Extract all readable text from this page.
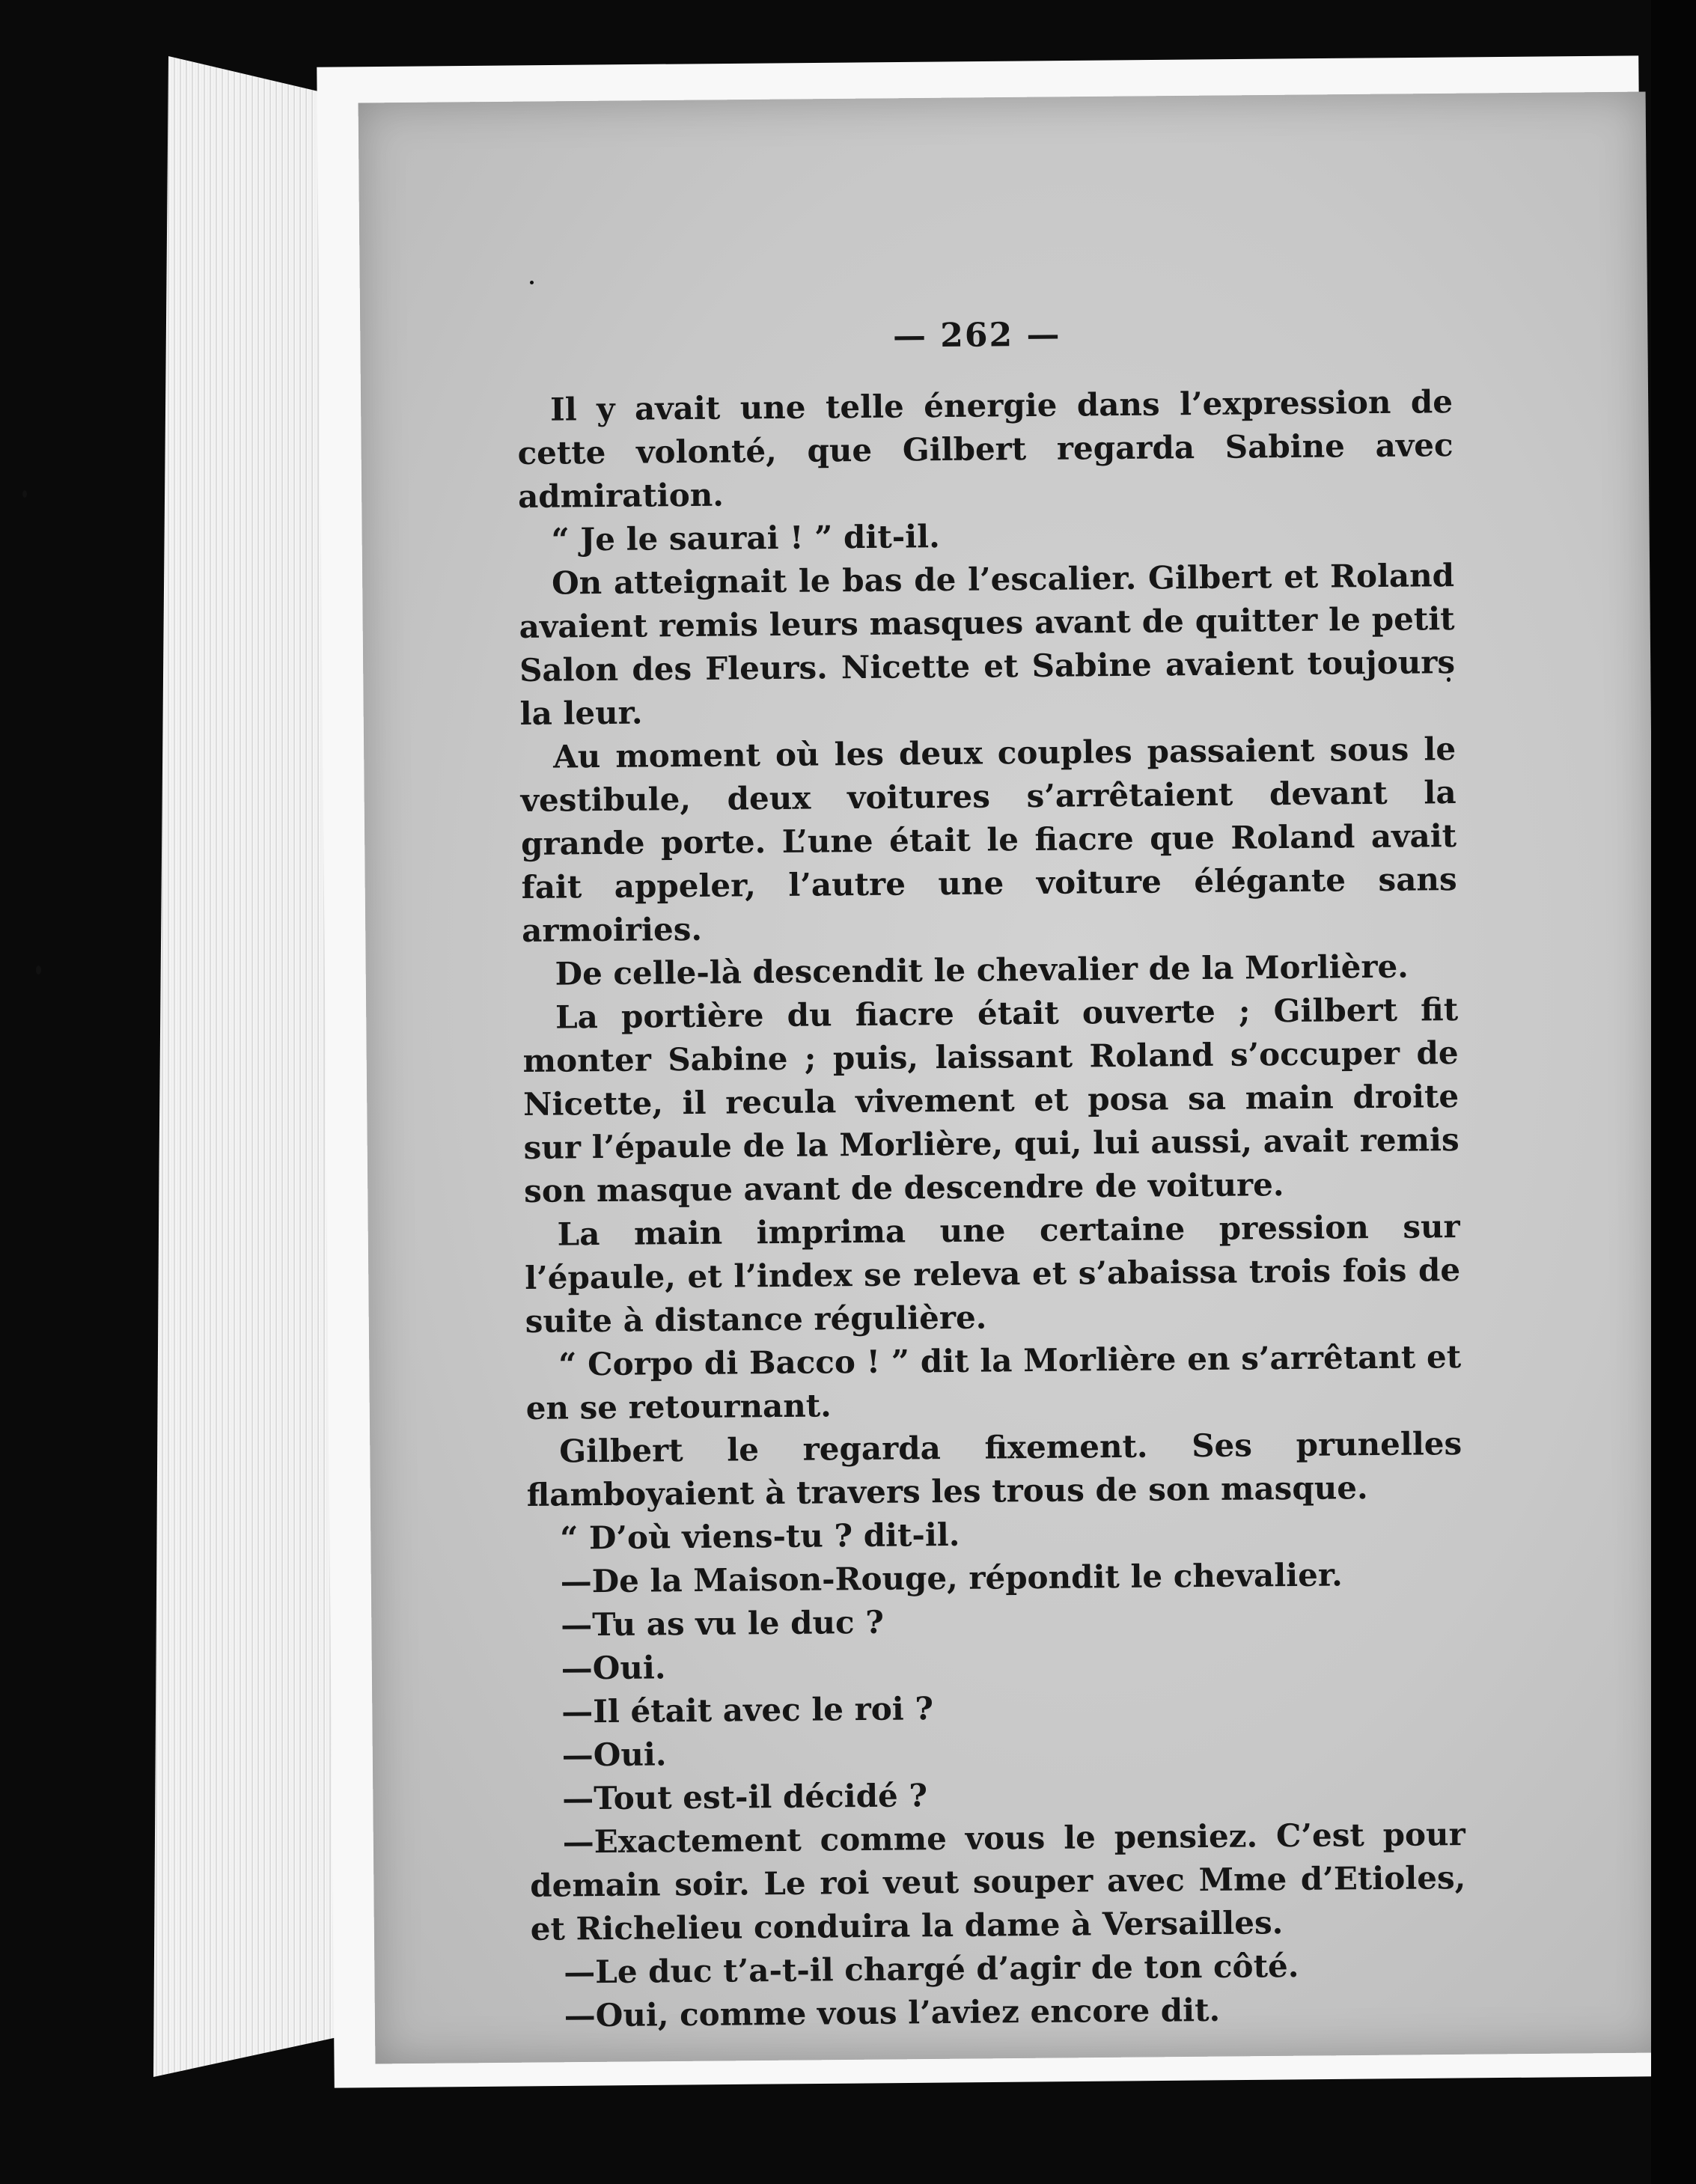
— 262 —

Il y avait une telle énergie dans l’expression de cette volonté, que Gilbert regarda Sabine avec admiration.

“ Je le saurai ! ” dit-il.

On atteignait le bas de l’escalier. Gilbert et Roland avaient remis leurs masques avant de quitter le petit Salon des Fleurs. Nicette et Sabine avaient toujours la leur.

Au moment où les deux couples passaient sous le vestibule, deux voitures s’arrêtaient devant la grande porte. L’une était le fiacre que Roland avait fait appeler, l’autre une voiture élégante sans armoiries.

De celle-là descendit le chevalier de la Morlière.

La portière du fiacre était ouverte ; Gilbert fit monter Sabine ; puis, laissant Roland s’occuper de Nicette, il recula vivement et posa sa main droite sur l’épaule de la Morlière, qui, lui aussi, avait remis son masque avant de descendre de voiture.

La main imprima une certaine pression sur l’épaule, et l’index se releva et s’abaissa trois fois de suite à distance régulière.

“ Corpo di Bacco ! ” dit la Morlière en s’arrêtant et en se retournant.

Gilbert le regarda fixement. Ses prunelles flamboyaient à travers les trous de son masque.

“ D’où viens-tu ? dit-il.

—De la Maison-Rouge, répondit le chevalier.

—Tu as vu le duc ?

—Oui.

—Il était avec le roi ?

—Oui.

—Tout est-il décidé ?

—Exactement comme vous le pensiez. C’est pour demain soir. Le roi veut souper avec Mme d’Etioles, et Richelieu conduira la dame à Versailles.

—Le duc t’a-t-il chargé d’agir de ton côté.

—Oui, comme vous l’aviez encore dit.
